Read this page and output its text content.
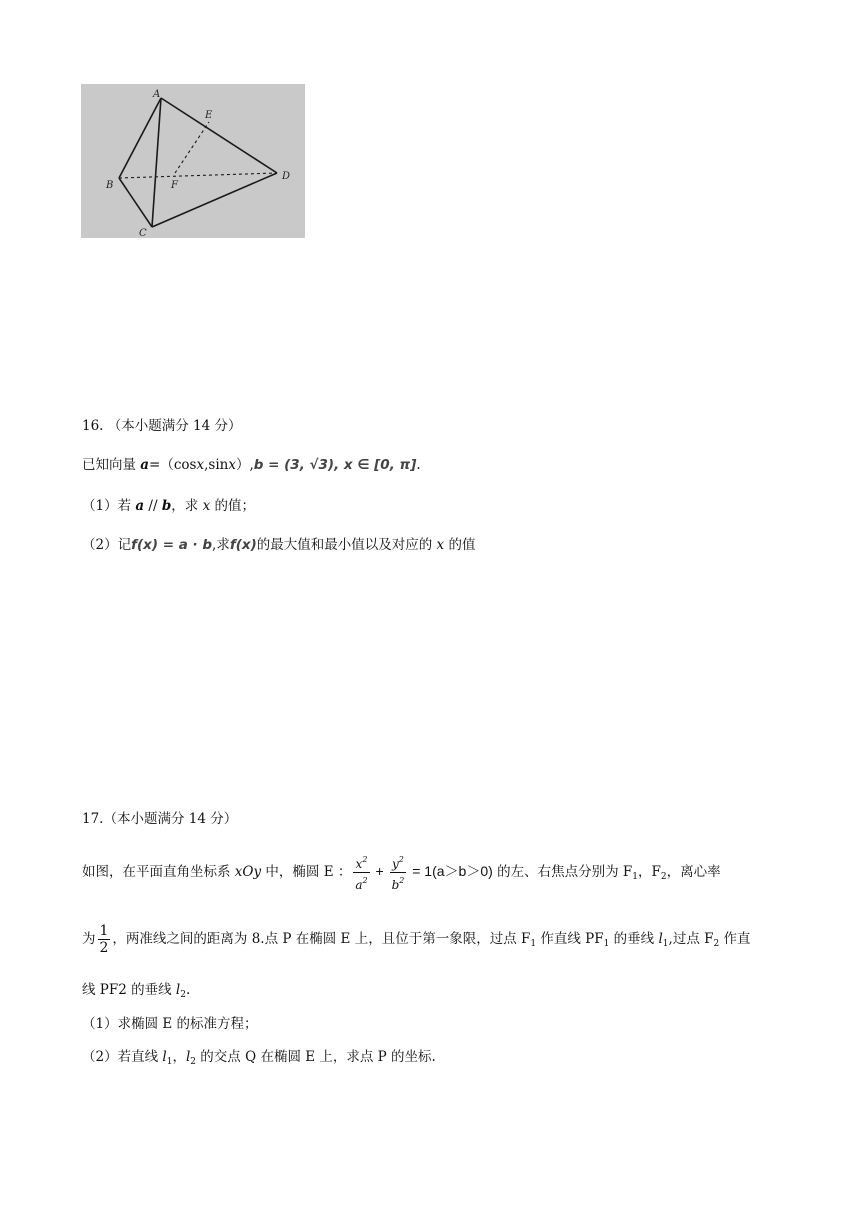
A
E
B	F
D
C
16. （本小题满分 14 分）
已知向量 a=（cosx,sinx）,b = (3, √3), x ∈ [0, π].
（1）若 a // b，求 x 的值；
（2）记f(x) = a · b,求f(x)的最大值和最小值以及对应的 x 的值
17.（本小题满分 14 分）
如图，在平面直角坐标系 xOy 中，椭圆 E ： $\frac{x^2}{a^2} + \frac{y^2}{b^2} = 1(a>b>0)$ 的左、右焦点分别为 $F_1$，$F_2$，离心率
为 $\frac{1}{2}$ ，两准线之间的距离为 8.点 P 在椭圆 E 上，且位于第一象限，过点 $F_1$ 作直线 $PF_1$ 的垂线 $l_1$,过点 $F_2$ 作直
线 PF2 的垂线 $l_2$.
（1）求椭圆 E 的标准方程；
（2）若直线 $l_1$，$l_2$ 的交点 Q 在椭圆 E 上，求点 P 的坐标.
